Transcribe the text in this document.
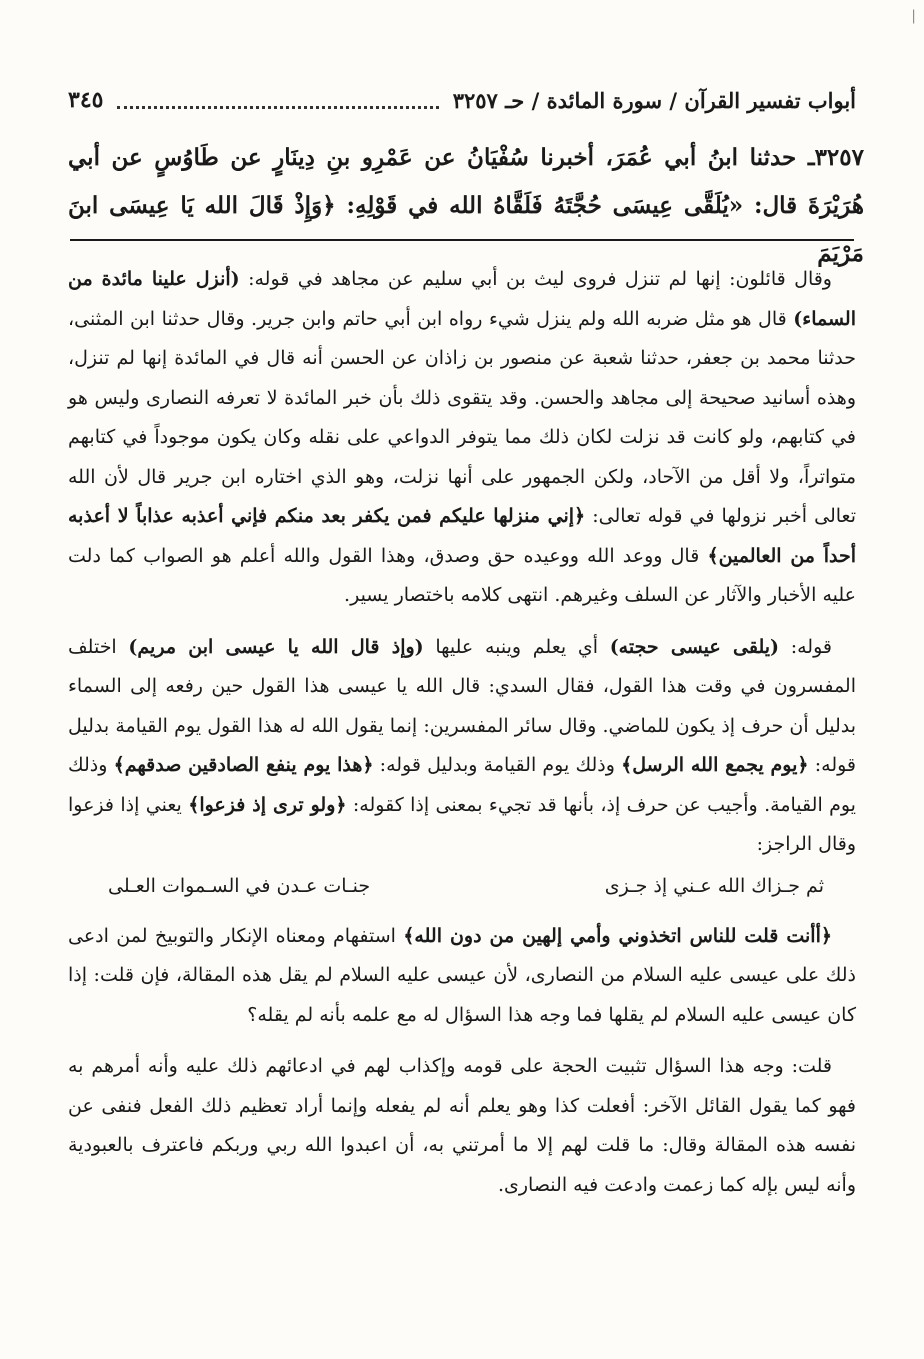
|
أبواب تفسير القرآن / سورة المائدة / حـ ٣٢٥٧
٣٤٥
٣٢٥٧ـ حدثنا ابنُ أبي عُمَرَ، أخبرنا سُفْيَانُ عن عَمْرِو بنِ دِينَارٍ عن طَاوُسٍ عن أبي هُرَيْرَةَ قال: «يُلَقَّى عِيسَى حُجَّتَهُ فَلَقَّاهُ الله في قَوْلِهِ: ﴿وَإِذْ قَالَ الله يَا عِيسَى ابنَ مَرْيَمَ

وقال قائلون: إنها لم تنزل فروى ليث بن أبي سليم عن مجاهد في قوله: (أنزل علينا مائدة من السماء) قال هو مثل ضربه الله ولم ينزل شيء رواه ابن أبي حاتم وابن جرير. وقال حدثنا ابن المثنى، حدثنا محمد بن جعفر، حدثنا شعبة عن منصور بن زاذان عن الحسن أنه قال في المائدة إنها لم تنزل، وهذه أسانيد صحيحة إلى مجاهد والحسن. وقد يتقوى ذلك بأن خبر المائدة لا تعرفه النصارى وليس هو في كتابهم، ولو كانت قد نزلت لكان ذلك مما يتوفر الدواعي على نقله وكان يكون موجوداً في كتابهم متواتراً، ولا أقل من الآحاد، ولكن الجمهور على أنها نزلت، وهو الذي اختاره ابن جرير قال لأن الله تعالى أخبر نزولها في قوله تعالى: ﴿إني منزلها عليكم فمن يكفر بعد منكم فإني أعذبه عذاباً لا أعذبه أحداً من العالمين﴾ قال ووعد الله ووعيده حق وصدق، وهذا القول والله أعلم هو الصواب كما دلت عليه الأخبار والآثار عن السلف وغيرهم. انتهى كلامه باختصار يسير.

قوله: (يلقى عيسى حجته) أي يعلم وينبه عليها (وإذ قال الله يا عيسى ابن مريم) اختلف المفسرون في وقت هذا القول، فقال السدي: قال الله يا عيسى هذا القول حين رفعه إلى السماء بدليل أن حرف إذ يكون للماضي. وقال سائر المفسرين: إنما يقول الله له هذا القول يوم القيامة بدليل قوله: ﴿يوم يجمع الله الرسل﴾ وذلك يوم القيامة وبدليل قوله: ﴿هذا يوم ينفع الصادقين صدقهم﴾ وذلك يوم القيامة. وأجيب عن حرف إذ، بأنها قد تجيء بمعنى إذا كقوله: ﴿ولو ترى إذ فزعوا﴾ يعني إذا فزعوا وقال الراجز:

ثم جـزاك الله عـني إذ جـزى
جنـات عـدن في السـموات العـلى

﴿أأنت قلت للناس اتخذوني وأمي إلهين من دون الله﴾ استفهام ومعناه الإنكار والتوبيخ لمن ادعى ذلك على عيسى عليه السلام من النصارى، لأن عيسى عليه السلام لم يقل هذه المقالة، فإن قلت: إذا كان عيسى عليه السلام لم يقلها فما وجه هذا السؤال له مع علمه بأنه لم يقله؟

قلت: وجه هذا السؤال تثبيت الحجة على قومه وإكذاب لهم في ادعائهم ذلك عليه وأنه أمرهم به فهو كما يقول القائل الآخر: أفعلت كذا وهو يعلم أنه لم يفعله وإنما أراد تعظيم ذلك الفعل فنفى عن نفسه هذه المقالة وقال: ما قلت لهم إلا ما أمرتني به، أن اعبدوا الله ربي وربكم فاعترف بالعبودية وأنه ليس بإله كما زعمت وادعت فيه النصارى.
